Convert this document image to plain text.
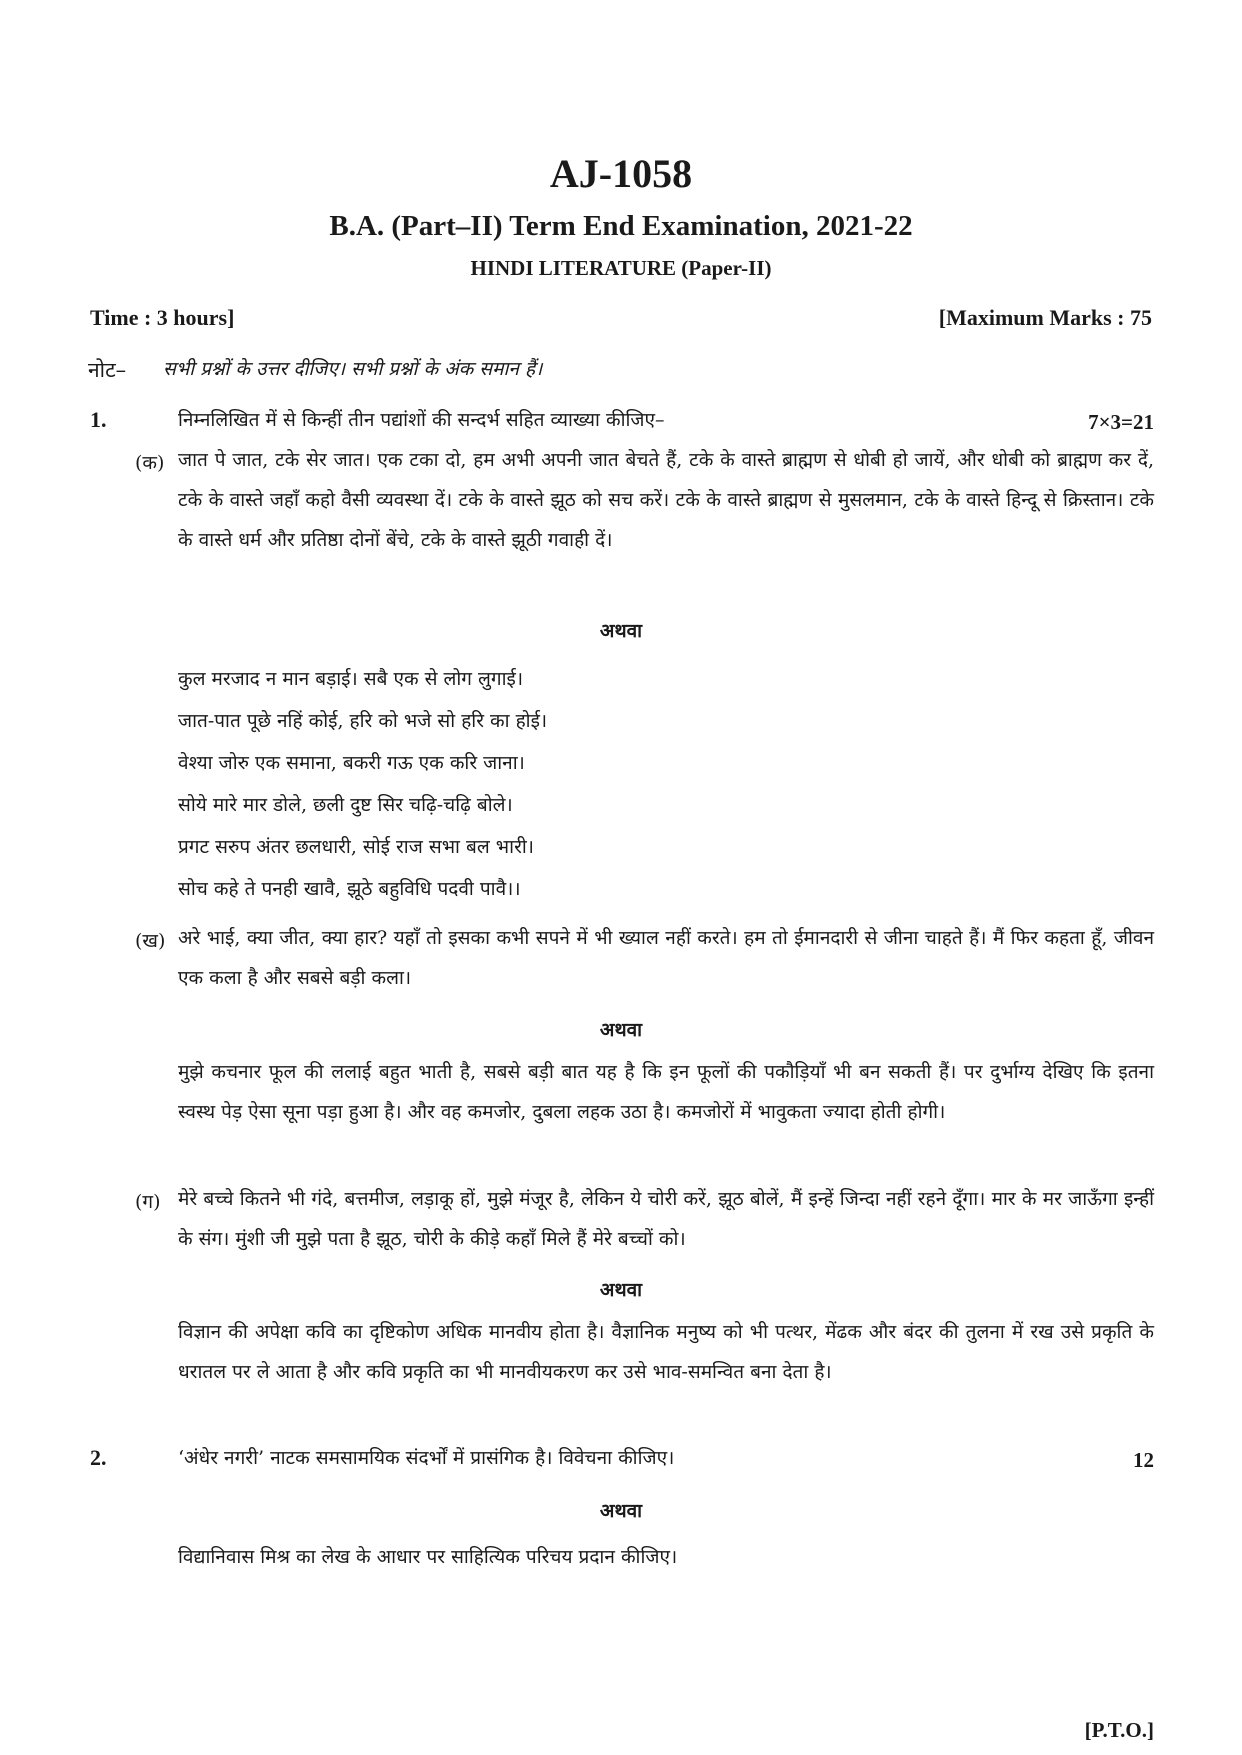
AJ-1058
B.A. (Part–II) Term End Examination, 2021-22
HINDI LITERATURE (Paper-II)
Time : 3 hours]	[Maximum Marks : 75
नोट– सभी प्रश्नों के उत्तर दीजिए। सभी प्रश्नों के अंक समान हैं।
1.	निम्नलिखित में से किन्हीं तीन पद्यांशों की सन्दर्भ सहित व्याख्या कीजिए–	7×3=21
(क) जात पे जात, टके सेर जात। एक टका दो, हम अभी अपनी जात बेचते हैं, टके के वास्ते ब्राह्मण से धोबी हो जायें, और धोबी को ब्राह्मण कर दें, टके के वास्ते जहाँ कहो वैसी व्यवस्था दें। टके के वास्ते झूठ को सच करें। टके के वास्ते ब्राह्मण से मुसलमान, टके के वास्ते हिन्दू से क्रिस्तान। टके के वास्ते धर्म और प्रतिष्ठा दोनों बेंचे, टके के वास्ते झूठी गवाही दें।
अथवा
कुल मरजाद न मान बड़ाई। सबै एक से लोग लुगाई।
जात-पात पूछे नहिं कोई, हरि को भजे सो हरि का होई।
वेश्या जोरु एक समाना, बकरी गऊ एक करि जाना।
सोये मारे मार डोले, छली दुष्ट सिर चढ़ि-चढ़ि बोले।
प्रगट सरुप अंतर छलधारी, सोई राज सभा बल भारी।
सोच कहे ते पनही खावै, झूठे बहुविधि पदवी पावै।।
(ख) अरे भाई, क्या जीत, क्या हार? यहाँ तो इसका कभी सपने में भी ख्याल नहीं करते। हम तो ईमानदारी से जीना चाहते हैं। मैं फिर कहता हूँ, जीवन एक कला है और सबसे बड़ी कला।
अथवा
मुझे कचनार फूल की ललाई बहुत भाती है, सबसे बड़ी बात यह है कि इन फूलों की पकौड़ियाँ भी बन सकती हैं। पर दुर्भाग्य देखिए कि इतना स्वस्थ पेड़ ऐसा सूना पड़ा हुआ है। और वह कमजोर, दुबला लहक उठा है। कमजोरों में भावुकता ज्यादा होती होगी।
(ग) मेरे बच्चे कितने भी गंदे, बत्तमीज, लड़ाकू हों, मुझे मंजूर है, लेकिन ये चोरी करें, झूठ बोलें, मैं इन्हें जिन्दा नहीं रहने दूँगा। मार के मर जाऊँगा इन्हीं के संग। मुंशी जी मुझे पता है झूठ, चोरी के कीड़े कहाँ मिले हैं मेरे बच्चों को।
अथवा
विज्ञान की अपेक्षा कवि का दृष्टिकोण अधिक मानवीय होता है। वैज्ञानिक मनुष्य को भी पत्थर, मेंढक और बंदर की तुलना में रख उसे प्रकृति के धरातल पर ले आता है और कवि प्रकृति का भी मानवीयकरण कर उसे भाव-समन्वित बना देता है।
2.	‘अंधेर नगरी’ नाटक समसामयिक संदर्भों में प्रासंगिक है। विवेचना कीजिए।	12
अथवा
विद्यानिवास मिश्र का लेख के आधार पर साहित्यिक परिचय प्रदान कीजिए।
[P.T.O.]
